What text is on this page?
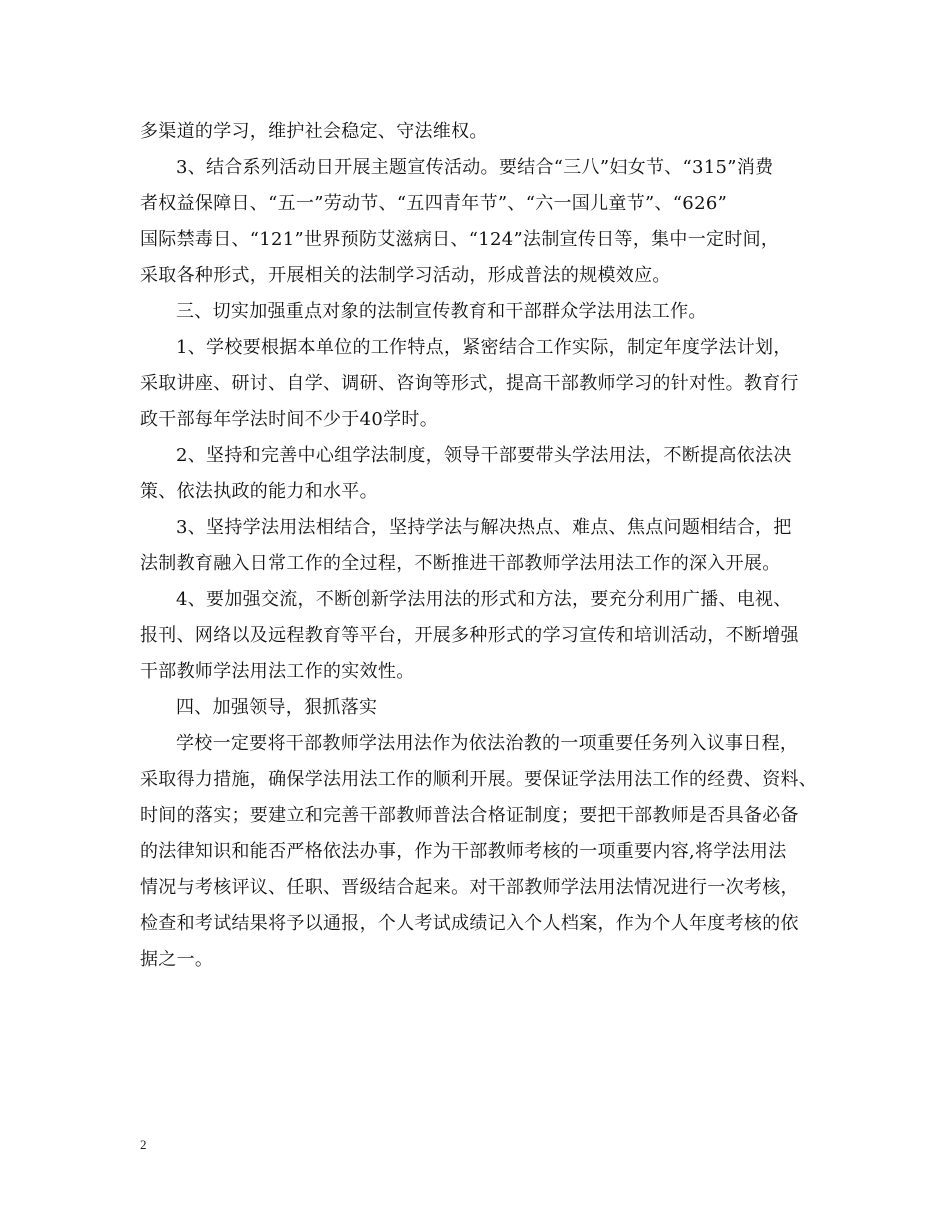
多渠道的学习，维护社会稳定、守法维权。
3、结合系列活动日开展主题宣传活动。要结合“三八”妇女节、“315”消费
者权益保障日、“五一”劳动节、“五四青年节”、“六一国儿童节”、“626”
国际禁毒日、“121”世界预防艾滋病日、“124”法制宣传日等，集中一定时间，
采取各种形式，开展相关的法制学习活动，形成普法的规模效应。
三、切实加强重点对象的法制宣传教育和干部群众学法用法工作。
1、学校要根据本单位的工作特点，紧密结合工作实际，制定年度学法计划，
采取讲座、研讨、自学、调研、咨询等形式，提高干部教师学习的针对性。教育行
政干部每年学法时间不少于40学时。
2、坚持和完善中心组学法制度，领导干部要带头学法用法，不断提高依法决
策、依法执政的能力和水平。
3、坚持学法用法相结合，坚持学法与解决热点、难点、焦点问题相结合，把
法制教育融入日常工作的全过程，不断推进干部教师学法用法工作的深入开展。
4、要加强交流，不断创新学法用法的形式和方法，要充分利用广播、电视、
报刊、网络以及远程教育等平台，开展多种形式的学习宣传和培训活动，不断增强
干部教师学法用法工作的实效性。
四、加强领导，狠抓落实
学校一定要将干部教师学法用法作为依法治教的一项重要任务列入议事日程，
采取得力措施，确保学法用法工作的顺利开展。要保证学法用法工作的经费、资料、
时间的落实；要建立和完善干部教师普法合格证制度；要把干部教师是否具备必备
的法律知识和能否严格依法办事，作为干部教师考核的一项重要内容,将学法用法
情况与考核评议、任职、晋级结合起来。对干部教师学法用法情况进行一次考核，
检查和考试结果将予以通报，个人考试成绩记入个人档案，作为个人年度考核的依
据之一。
2
